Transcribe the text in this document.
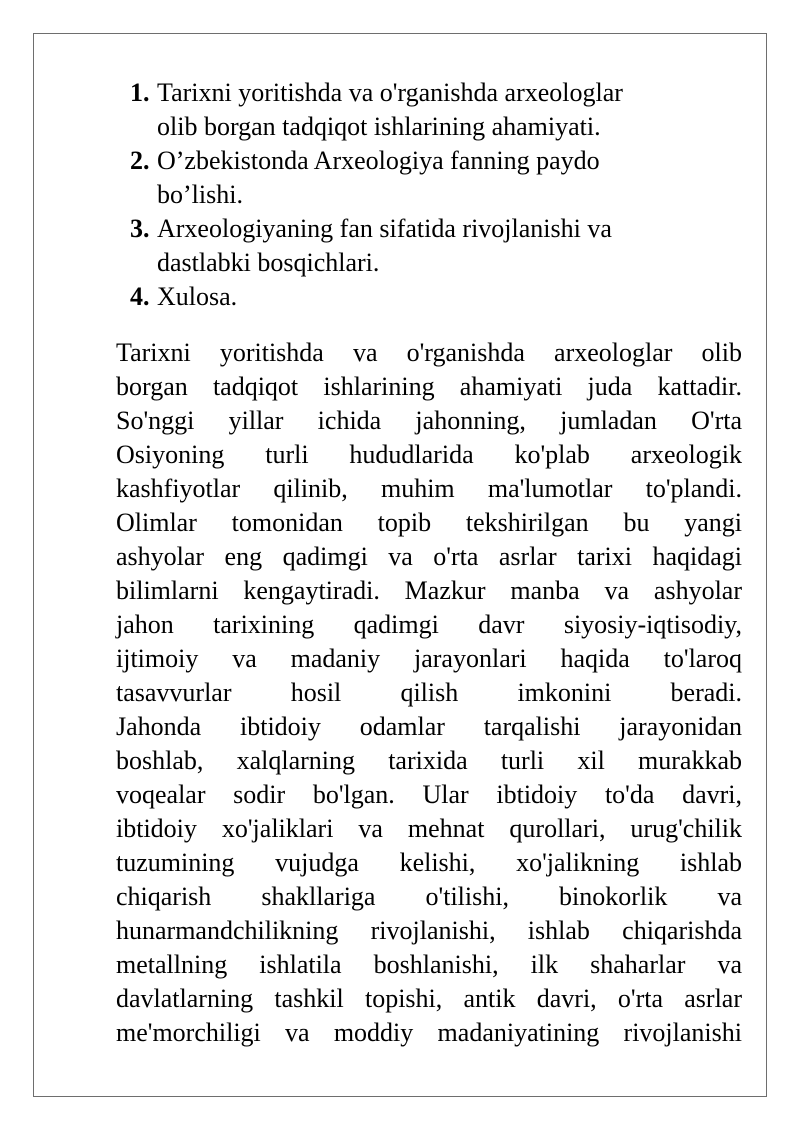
1. Tarixni yoritishda va o'rganishda arxeologlar
olib borgan tadqiqot ishlarining ahamiyati.
2. O’zbekistonda Arxeologiya fanning paydo
bo’lishi.
3. Arxeologiyaning fan sifatida rivojlanishi va
dastlabki bosqichlari.
4. Xulosa.
Tarixni yoritishda va o'rganishda arxeologlar olib
borgan tadqiqot ishlarining ahamiyati juda kattadir.
So'nggi yillar ichida jahonning, jumladan O'rta
Osiyoning turli hududlarida ko'plab arxeologik
kashfiyotlar qilinib, muhim ma'lumotlar to'plandi.
Olimlar tomonidan topib tekshirilgan bu yangi
ashyolar eng qadimgi va o'rta asrlar tarixi haqidagi
bilimlarni kengaytiradi. Mazkur manba va ashyolar
jahon tarixining qadimgi davr siyosiy-iqtisodiy,
ijtimoiy va madaniy jarayonlari haqida to'laroq
tasavvurlar hosil qilish imkonini beradi.
Jahonda ibtidoiy odamlar tarqalishi jarayonidan
boshlab, xalqlarning tarixida turli xil murakkab
voqealar sodir bo'lgan. Ular ibtidoiy to'da davri,
ibtidoiy xo'jaliklari va mehnat qurollari, urug'chilik
tuzumining vujudga kelishi, xo'jalikning ishlab
chiqarish shakllariga o'tilishi, binokorlik va
hunarmandchilikning rivojlanishi, ishlab chiqarishda
metallning ishlatila boshlanishi, ilk shaharlar va
davlatlarning tashkil topishi, antik davri, o'rta asrlar
me'morchiligi va moddiy madaniyatining rivojlanishi
